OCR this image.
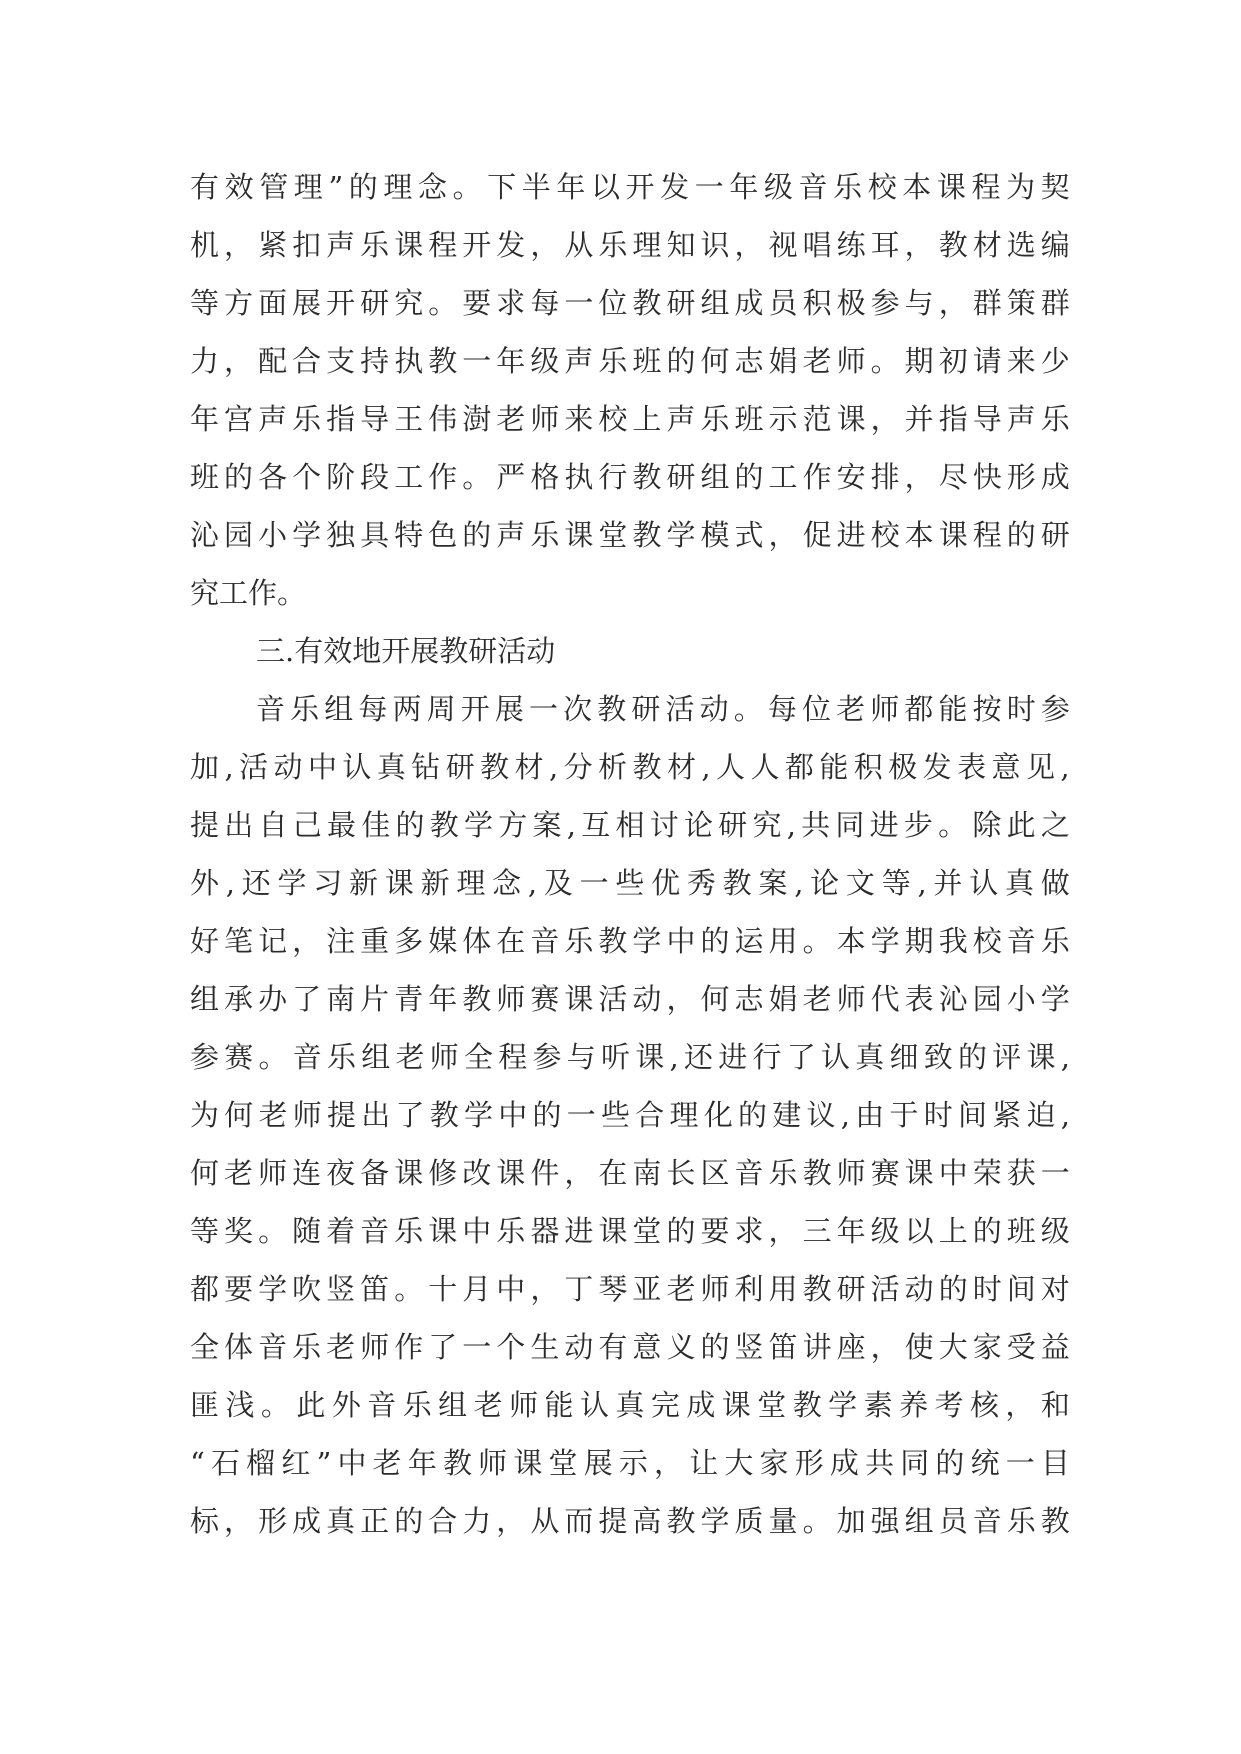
有 效 管 理 ” 的 理 念 。 下 半 年 以 开 发 一 年 级 音 乐 校 本 课 程 为 契
机 ， 紧 扣 声 乐 课 程 开 发 ， 从 乐 理 知 识 ， 视 唱 练 耳 ， 教 材 选 编
等 方 面 展 开 研 究 。 要 求 每 一 位 教 研 组 成 员 积 极 参 与 ， 群 策 群
力 ， 配 合 支 持 执 教 一 年 级 声 乐 班 的 何 志 娟 老 师 。 期 初 请 来 少
年 宫 声 乐 指 导 王 伟 澍 老 师 来 校 上 声 乐 班 示 范 课 ， 并 指 导 声 乐
班 的 各 个 阶 段 工 作 。 严 格 执 行 教 研 组 的 工 作 安 排 ， 尽 快 形 成
沁 园 小 学 独 具 特 色 的 声 乐 课 堂 教 学 模 式 ， 促 进 校 本 课 程 的 研
究工作。
三.有效地开展教研活动
音 乐 组 每 两 周 开 展 一 次 教 研 活 动 。 每 位 老 师 都 能 按 时 参
加 , 活 动 中 认 真 钻 研 教 材 , 分 析 教 材 , 人 人 都 能 积 极 发 表 意 见 ,
提 出 自 己 最 佳 的 教 学 方 案 , 互 相 讨 论 研 究 , 共 同 进 步 。 除 此 之
外 , 还 学 习 新 课 新 理 念 , 及 一 些 优 秀 教 案 , 论 文 等 , 并 认 真 做
好 笔 记 ， 注 重 多 媒 体 在 音 乐 教 学 中 的 运 用 。 本 学 期 我 校 音 乐
组 承 办 了 南 片 青 年 教 师 赛 课 活 动 ， 何 志 娟 老 师 代 表 沁 园 小 学
参 赛 。 音 乐 组 老 师 全 程 参 与 听 课 , 还 进 行 了 认 真 细 致 的 评 课 ,
为 何 老 师 提 出 了 教 学 中 的 一 些 合 理 化 的 建 议 , 由 于 时 间 紧 迫 ,
何 老 师 连 夜 备 课 修 改 课 件 ， 在 南 长 区 音 乐 教 师 赛 课 中 荣 获 一
等 奖 。 随 着 音 乐 课 中 乐 器 进 课 堂 的 要 求 ， 三 年 级 以 上 的 班 级
都 要 学 吹 竖 笛 。 十 月 中 ， 丁 琴 亚 老 师 利 用 教 研 活 动 的 时 间 对
全 体 音 乐 老 师 作 了 一 个 生 动 有 意 义 的 竖 笛 讲 座 ， 使 大 家 受 益
匪 浅 。 此 外 音 乐 组 老 师 能 认 真 完 成 课 堂 教 学 素 养 考 核 ， 和
“ 石 榴 红 ” 中 老 年 教 师 课 堂 展 示 ， 让 大 家 形 成 共 同 的 统 一 目
标 ， 形 成 真 正 的 合 力 ， 从 而 提 高 教 学 质 量 。 加 强 组 员 音 乐 教
